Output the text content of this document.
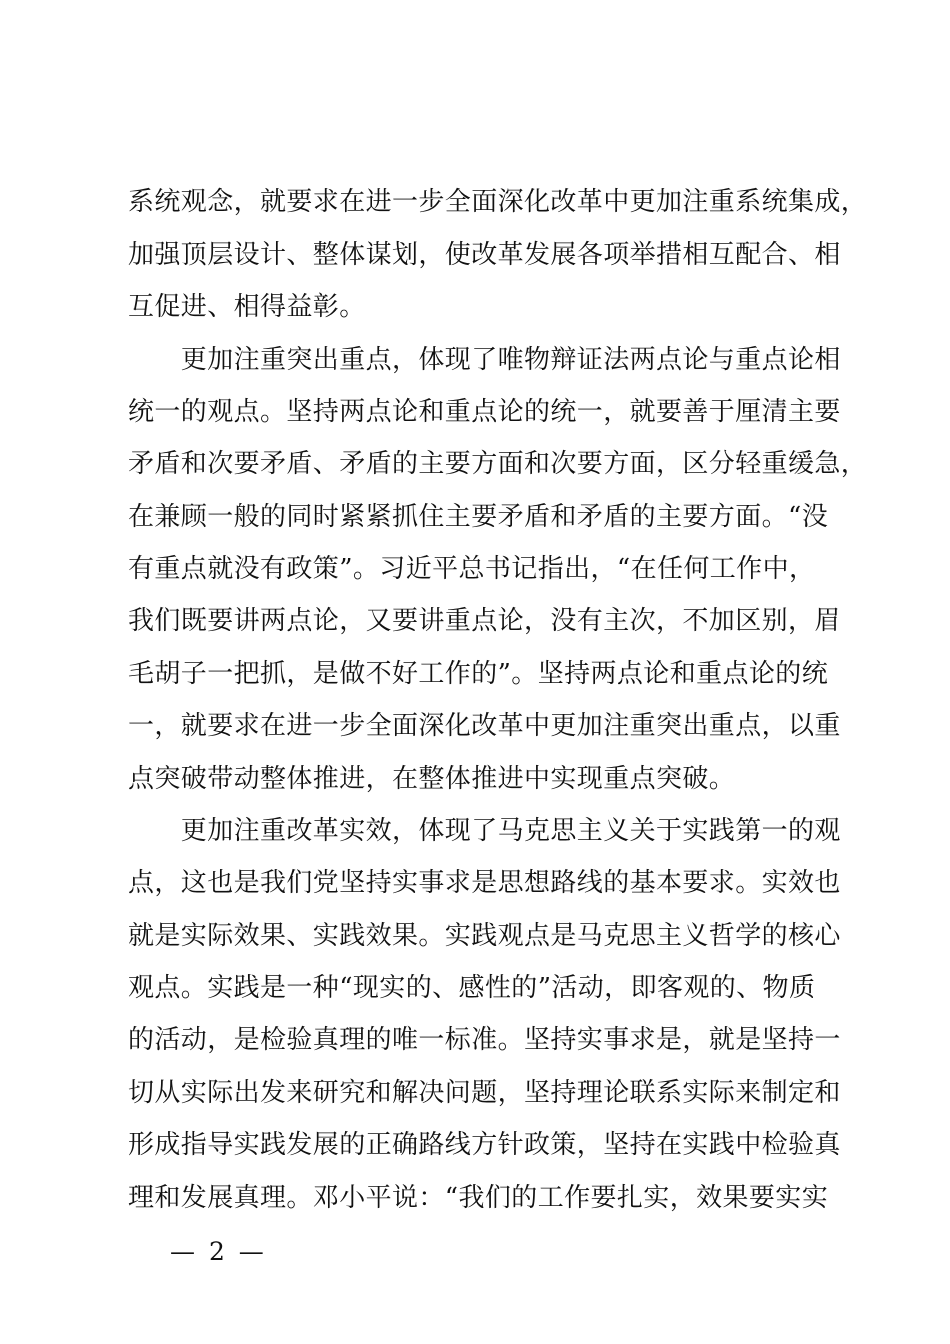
系统观念，就要求在进一步全面深化改革中更加注重系统集成，

加强顶层设计、整体谋划，使改革发展各项举措相互配合、相

互促进、相得益彰。

　　更加注重突出重点，体现了唯物辩证法两点论与重点论相

统一的观点。坚持两点论和重点论的统一，就要善于厘清主要

矛盾和次要矛盾、矛盾的主要方面和次要方面，区分轻重缓急，

在兼顾一般的同时紧紧抓住主要矛盾和矛盾的主要方面。“没

有重点就没有政策”。习近平总书记指出，“在任何工作中，

我们既要讲两点论，又要讲重点论，没有主次，不加区别，眉

毛胡子一把抓，是做不好工作的”。坚持两点论和重点论的统

一，就要求在进一步全面深化改革中更加注重突出重点，以重

点突破带动整体推进，在整体推进中实现重点突破。

　　更加注重改革实效，体现了马克思主义关于实践第一的观

点，这也是我们党坚持实事求是思想路线的基本要求。实效也

就是实际效果、实践效果。实践观点是马克思主义哲学的核心

观点。实践是一种“现实的、感性的”活动，即客观的、物质

的活动，是检验真理的唯一标准。坚持实事求是，就是坚持一

切从实际出发来研究和解决问题，坚持理论联系实际来制定和

形成指导实践发展的正确路线方针政策，坚持在实践中检验真

理和发展真理。邓小平说：“我们的工作要扎实，效果要实实

— 2 —
